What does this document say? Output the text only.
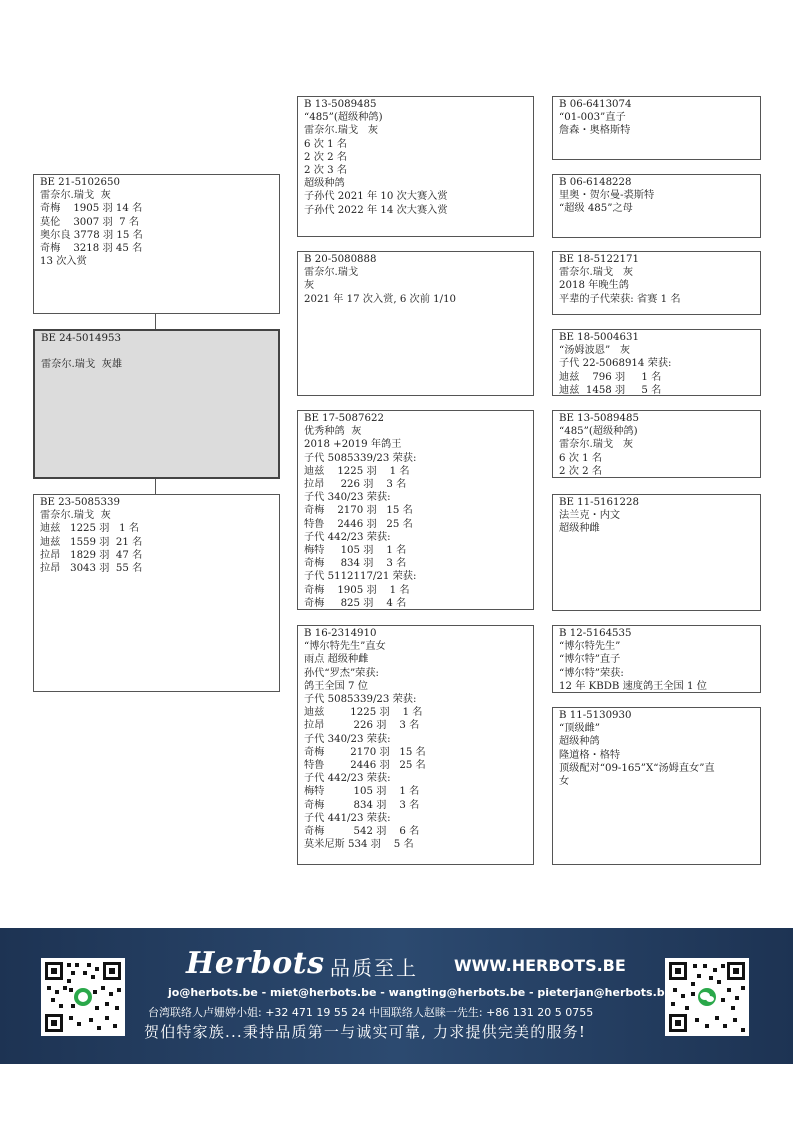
BE 21-5102650
雷奈尔.瑞戈  灰
奇梅    1905 羽 14 名
莫伦    3007 羽  7 名
奥尔良 3778 羽 15 名
奇梅    3218 羽 45 名
13 次入赏
BE 24-5014953
雷奈尔.瑞戈  灰雄
BE 23-5085339
雷奈尔.瑞戈  灰
迪兹   1225 羽   1 名
迪兹   1559 羽  21 名
拉昂   1829 羽  47 名
拉昂   3043 羽  55 名
B 13-5089485
“485”(超级种鸽)
雷奈尔.瑞戈   灰
6 次 1 名
2 次 2 名
2 次 3 名
超级种鸽
子孙代 2021 年 10 次大赛入赏
子孙代 2022 年 14 次大赛入赏
B 20-5080888
雷奈尔.瑞戈
灰
2021 年 17 次入赏, 6 次前 1/10
BE 17-5087622
优秀种鸽  灰
2018 +2019 年鸽王
子代 5085339/23 荣获:
迪兹    1225 羽    1 名
拉昂     226 羽    3 名
子代 340/23 荣获:
奇梅    2170 羽   15 名
特鲁    2446 羽   25 名
子代 442/23 荣获:
梅特     105 羽    1 名
奇梅     834 羽    3 名
子代 5112117/21 荣获:
奇梅    1905 羽    1 名
奇梅     825 羽    4 名
B 16-2314910
“博尔特先生”直女
雨点 超级种雌
孙代“罗杰”荣获:
鸽王全国 7 位
子代 5085339/23 荣获:
迪兹        1225 羽    1 名
拉昂         226 羽    3 名
子代 340/23 荣获:
奇梅        2170 羽   15 名
特鲁        2446 羽   25 名
子代 442/23 荣获:
梅特         105 羽    1 名
奇梅         834 羽    3 名
子代 441/23 荣获:
奇梅         542 羽    6 名
莫米尼斯 534 羽    5 名
B 06-6413074
“01-003”直子
詹森・奥格斯特
B 06-6148228
里奥・贺尔曼-裘斯特
“超级 485”之母
BE 18-5122171
雷奈尔.瑞戈   灰
2018 年晚生鸽
平辈的子代荣获: 省赛 1 名
BE 18-5004631
“汤姆波恩”   灰
子代 22-5068914 荣获:
迪兹    796 羽     1 名
迪兹  1458 羽     5 名
BE 13-5089485
“485”(超级种鸽)
雷奈尔.瑞戈   灰
6 次 1 名
2 次 2 名
BE 11-5161228
法兰克・内文
超级种雌
B 12-5164535
“博尔特先生”
“博尔特”直子
“博尔特”荣获:
12 年 KBDB 速度鸽王全国 1 位
B 11-5130930
“顶级雌”
超级种鸽
隆道格・格特
顶级配对“09-165”X“汤姆直女”直
女
Herbots 品质至上 WWW.HERBOTS.BE
jo@herbots.be - miet@herbots.be - wangting@herbots.be - pieterjan@herbots.be
台湾联络人卢姗婷小姐: +32 471 19 55 24 中国联络人赵睐一先生: +86 131 20 5 0755
贺伯特家族...秉持品质第一与诚实可靠, 力求提供完美的服务!
